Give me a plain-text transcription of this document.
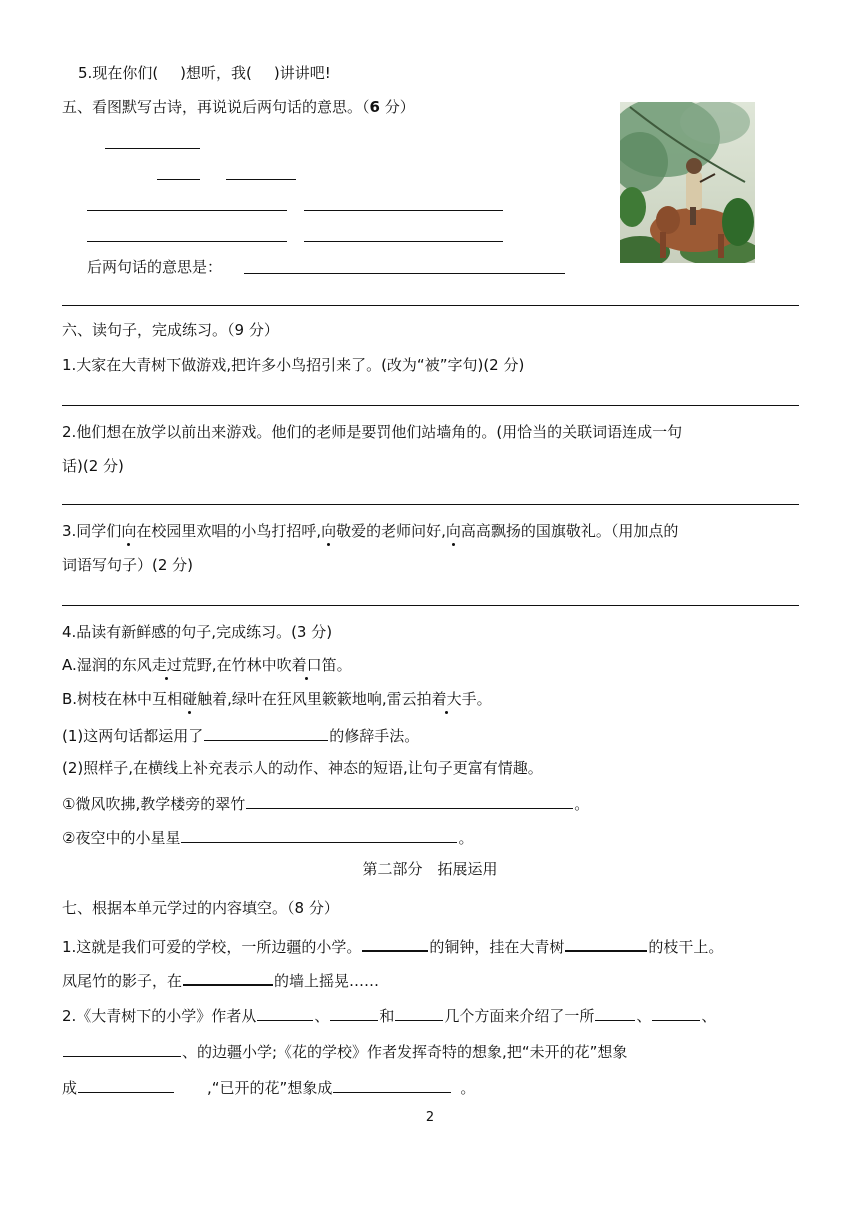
5.现在你们( )想听，我( )讲讲吧!
五、看图默写古诗，再说说后两句话的意思。（6 分）
后两句话的意思是：
六、读句子，完成练习。（9 分）
1.大家在大青树下做游戏,把许多小鸟招引来了。(改为“被”字句)(2 分)
2.他们想在放学以前出来游戏。他们的老师是要罚他们站墙角的。(用恰当的关联词语连成一句
话)(2 分)
3.同学们向在校园里欢唱的小鸟打招呼,向敬爱的老师问好,向高高飘扬的国旗敬礼。（用加点的
词语写句子）(2 分)
4.品读有新鲜感的句子,完成练习。(3 分)
A.湿润的东风走过荒野,在竹林中吹着口笛。
B.树枝在林中互相碰触着,绿叶在狂风里簌簌地响,雷云拍着大手。
(1)这两句话都运用了	的修辞手法。
(2)照样子,在横线上补充表示人的动作、神态的短语,让句子更富有情趣。
①微风吹拂,教学楼旁的翠竹	。
②夜空中的小星星	。
第二部分　拓展运用
七、根据本单元学过的内容填空。（8 分）
1.这就是我们可爱的学校，一所边疆的小学。	的铜钟，挂在大青树	的枝干上。
凤尾竹的影子，在	的墙上摇晃……
2.《大青树下的小学》作者从	、	和	几个方面来介绍了一所	、	、
、的边疆小学;《花的学校》作者发挥奇特的想象,把“未开的花”想象
成	,“已开的花”想象成	。
2
